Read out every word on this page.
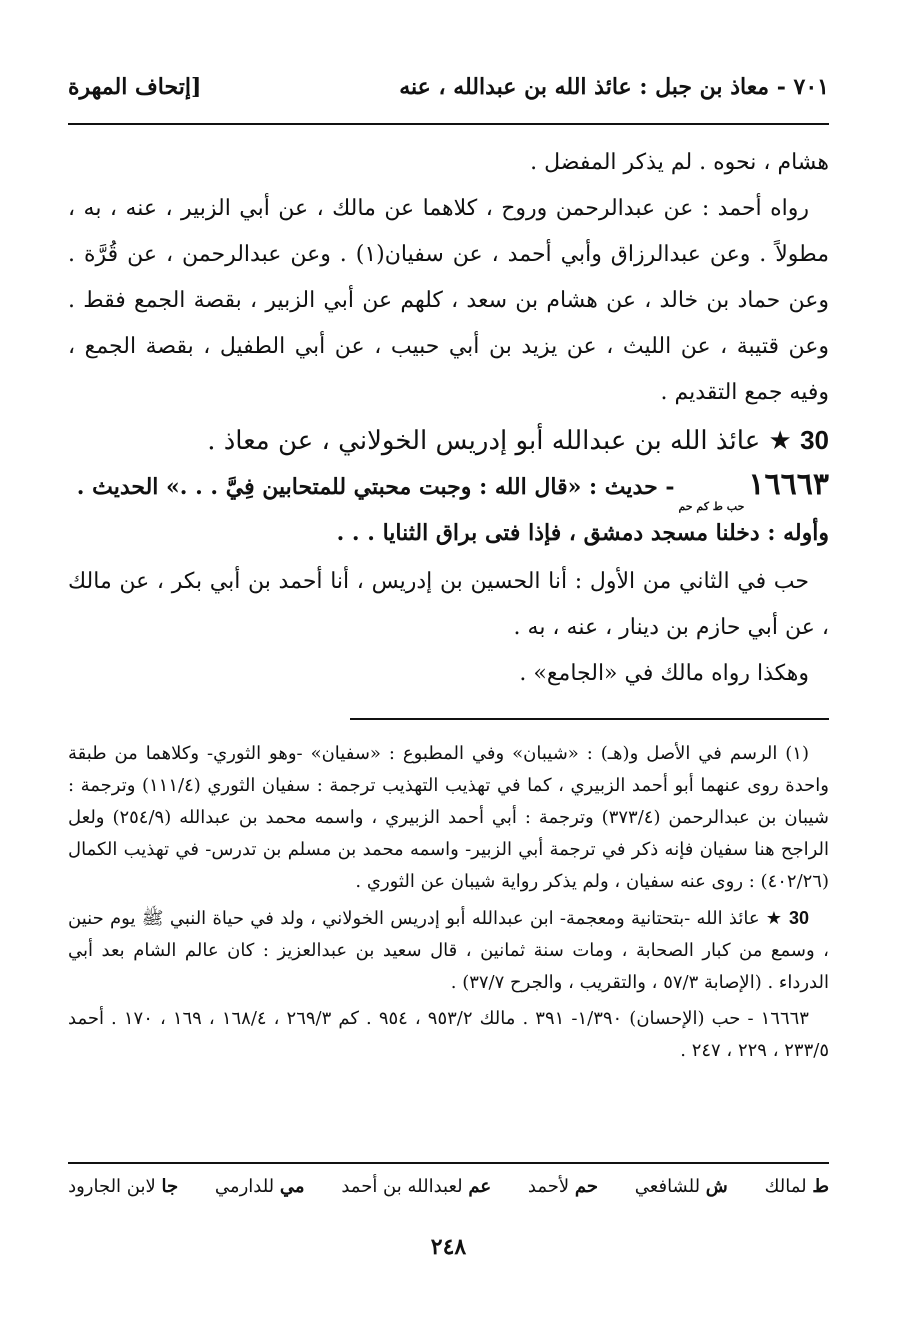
٧٠١ - معاذ بن جبل : عائذ الله بن عبدالله ، عنه
[إتحاف المهرة

هشام ، نحوه . لم يذكر المفضل .

رواه أحمد : عن عبدالرحمن وروح ، كلاهما عن مالك ، عن أبي الزبير ، عنه ، به ، مطولاً . وعن عبدالرزاق وأبي أحمد ، عن سفيان(١) . وعن عبدالرحمن ، عن قُرَّة . وعن حماد بن خالد ، عن هشام بن سعد ، كلهم عن أبي الزبير ، بقصة الجمع فقط . وعن قتيبة ، عن الليث ، عن يزيد بن أبي حبيب ، عن أبي الطفيل ، بقصة الجمع ، وفيه جمع التقديم .

30 ★ عائذ الله بن عبدالله أبو إدريس الخولاني ، عن معاذ .
١٦٦٦٣حب ط كم حم- حديث : «قال الله : وجبت محبتي للمتحابين فِيَّ . . .» الحديث .
وأوله : دخلنا مسجد دمشق ، فإذا فتى براق الثنايا . . .

حب في الثاني من الأول : أنا الحسين بن إدريس ، أنا أحمد بن أبي بكر ، عن مالك ، عن أبي حازم بن دينار ، عنه ، به .

وهكذا رواه مالك في «الجامع» .

(١) الرسم في الأصل و(هـ) : «شيبان» وفي المطبوع : «سفيان» -وهو الثوري- وكلاهما من طبقة واحدة روى عنهما أبو أحمد الزبيري ، كما في تهذيب التهذيب ترجمة : سفيان الثوري (١١١/٤) وترجمة : شيبان بن عبدالرحمن (٣٧٣/٤) وترجمة : أبي أحمد الزبيري ، واسمه محمد بن عبدالله (٢٥٤/٩) ولعل الراجح هنا سفيان فإنه ذكر في ترجمة أبي الزبير- واسمه محمد بن مسلم بن تدرس- في تهذيب الكمال (٤٠٢/٢٦) : روى عنه سفيان ، ولم يذكر رواية شيبان عن الثوري .

30 ★ عائذ الله -بتحتانية ومعجمة- ابن عبدالله أبو إدريس الخولاني ، ولد في حياة النبي ﷺ يوم حنين ، وسمع من كبار الصحابة ، ومات سنة ثمانين ، قال سعيد بن عبدالعزيز : كان عالم الشام بعد أبي الدرداء . (الإصابة ٥٧/٣ ، والتقريب ، والجرح ٣٧/٧) .

١٦٦٦٣ - حب (الإحسان) ١/٣٩٠- ٣٩١ . مالك ٩٥٣/٢ ، ٩٥٤ . كم ٢٦٩/٣ ، ١٦٨/٤ ، ١٦٩ ، ١٧٠ . أحمد ٢٣٣/٥ ، ٢٢٩ ، ٢٤٧ .

ط لمالك
ش للشافعي
حم لأحمد
عم لعبدالله بن أحمد
مي للدارمي
جا لابن الجارود
٢٤٨
